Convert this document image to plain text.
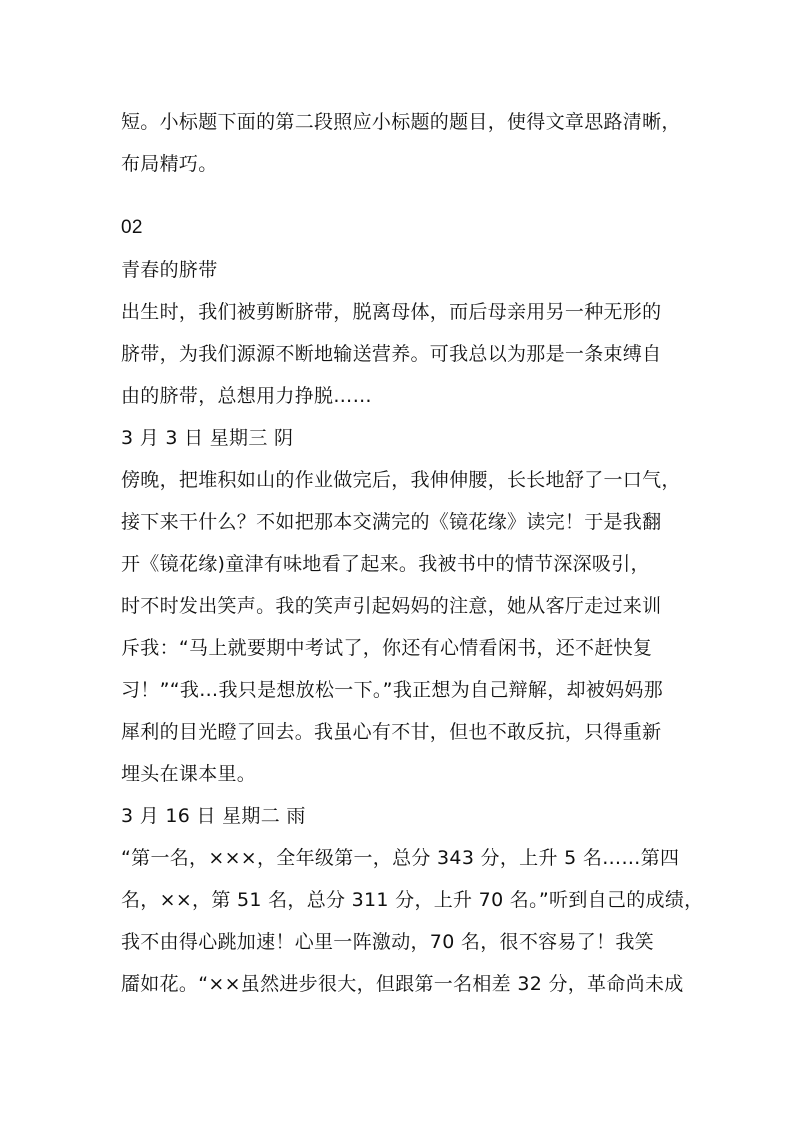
短。小标题下面的第二段照应小标题的题目，使得文章思路清晰，
布局精巧。
02
青春的脐带
出生时，我们被剪断脐带，脱离母体，而后母亲用另一种无形的
脐带，为我们源源不断地输送营养。可我总以为那是一条束缚自
由的脐带，总想用力挣脱……
3 月 3 日 星期三 阴
傍晚，把堆积如山的作业做完后，我伸伸腰，长长地舒了一口气，
接下来干什么？不如把那本交满完的《镜花缘》读完！于是我翻
开《镜花缘)童津有味地看了起来。我被书中的情节深深吸引，
时不时发出笑声。我的笑声引起妈妈的注意，她从客厅走过来训
斥我：“马上就要期中考试了，你还有心情看闲书，还不赶快复
习！”“我…我只是想放松一下。”我正想为自己辩解，却被妈妈那
犀利的目光瞪了回去。我虽心有不甘，但也不敢反抗，只得重新
埋头在课本里。
3 月 16 日 星期二 雨
“第一名，×××，全年级第一，总分 343 分，上升 5 名……第四
名，××，第 51 名，总分 311 分，上升 70 名。”听到自己的成绩，
我不由得心跳加速！心里一阵激动，70 名，很不容易了！我笑
靥如花。“××虽然进步很大，但跟第一名相差 32 分，革命尚未成
